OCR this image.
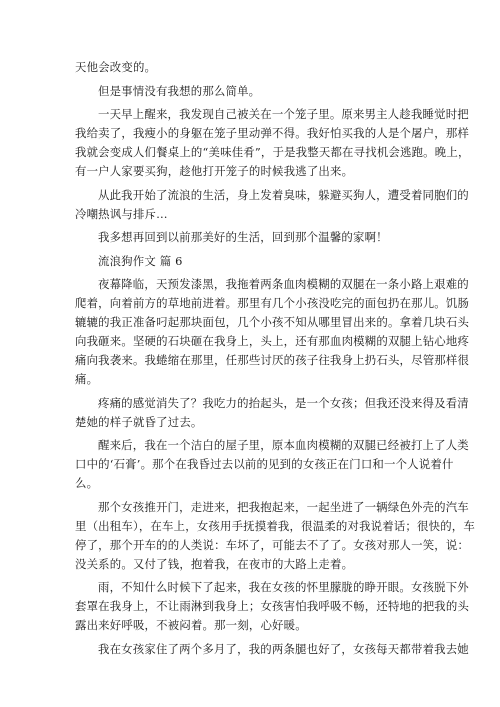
天他会改变的。
但是事情没有我想的那么简单。
一天早上醒来，我发现自己被关在一个笼子里。原来男主人趁我睡觉时把
我给卖了，我瘦小的身躯在笼子里动弹不得。我好怕买我的人是个屠户，那样
我就会变成人们餐桌上的“美味佳肴”，于是我整天都在寻找机会逃跑。晚上，
有一户人家要买狗，趁他打开笼子的时候我逃了出来。
从此我开始了流浪的生活，身上发着臭味，躲避买狗人，遭受着同胞们的
冷嘲热讽与排斥…
我多想再回到以前那美好的生活，回到那个温馨的家啊！
流浪狗作文 篇 6
夜幕降临，天预发漆黑，我拖着两条血肉模糊的双腿在一条小路上艰难的
爬着，向着前方的草地前进着。那里有几个小孩没吃完的面包扔在那儿。饥肠
辘辘的我正准备叼起那块面包，几个小孩不知从哪里冒出来的。拿着几块石头
向我砸来。坚硬的石块砸在我身上，头上，还有那血肉模糊的双腿上钻心地疼
痛向我袭来。我蜷缩在那里，任那些讨厌的孩子往我身上扔石头，尽管那样很
痛。
疼痛的感觉消失了？我吃力的抬起头，是一个女孩；但我还没来得及看清
楚她的样子就昏了过去。
醒来后，我在一个洁白的屋子里，原本血肉模糊的双腿已经被打上了人类
口中的‘石膏’。那个在我昏过去以前的见到的女孩正在门口和一个人说着什
么。
那个女孩推开门，走进来，把我抱起来，一起坐进了一辆绿色外壳的汽车
里（出租车），在车上，女孩用手抚摸着我，很温柔的对我说着话；很快的，车
停了，那个开车的的人类说：车坏了，可能去不了了。女孩对那人一笑，说：
没关系的。又付了钱，抱着我，在夜市的大路上走着。
雨，不知什么时候下了起来，我在女孩的怀里朦胧的睁开眼。女孩脱下外
套罩在我身上，不让雨淋到我身上；女孩害怕我呼吸不畅，还特地的把我的头
露出来好呼吸，不被闷着。那一刻，心好暖。
我在女孩家住了两个多月了，我的两条腿也好了，女孩每天都带着我去她
